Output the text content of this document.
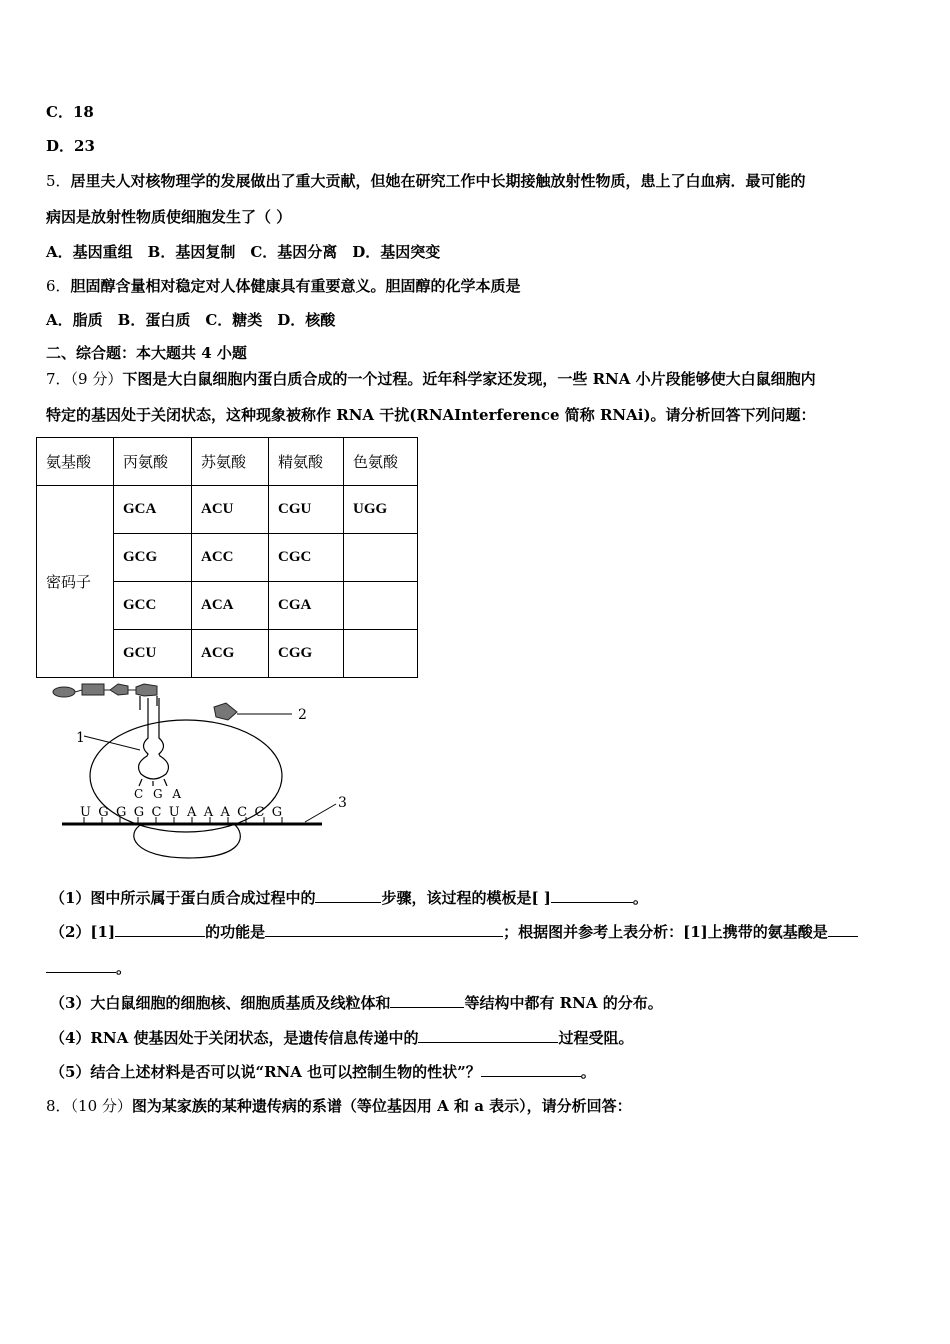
C．18
D．23
5．居里夫人对核物理学的发展做出了重大贡献，但她在研究工作中长期接触放射性物质，患上了白血病．最可能的
病因是放射性物质使细胞发生了（ ）
A．基因重组　B．基因复制　C．基因分离　D．基因突变
6．胆固醇含量相对稳定对人体健康具有重要意义。胆固醇的化学本质是
A．脂质　B．蛋白质　C．糖类　D．核酸
二、综合题：本大题共 4 小题
7．（9 分）下图是大白鼠细胞内蛋白质合成的一个过程。近年科学家还发现，一些 RNA 小片段能够使大白鼠细胞内
特定的基因处于关闭状态，这种现象被称作 RNA 干扰(RNAInterference 简称 RNAi)。请分析回答下列问题：
氨基酸	丙氨酸	苏氨酸	精氨酸	色氨酸
密码子	GCA	ACU	CGU	UGG
	GCG	ACC	CGC	
	GCC	ACA	CGA	
	GCU	ACG	CGG	
2
1
C G A
U G G G C U A A A C C G
3
（1）图中所示属于蛋白质合成过程中的	步骤，该过程的模板是[ ]	。
（2）[1]	的功能是	；根据图并参考上表分析：[1]上携带的氨基酸是
。
（3）大白鼠细胞的细胞核、细胞质基质及线粒体和	等结构中都有 RNA 的分布。
（4）RNA 使基因处于关闭状态，是遗传信息传递中的	过程受阻。
（5）结合上述材料是否可以说“RNA 也可以控制生物的性状”？	。
8．（10 分）图为某家族的某种遗传病的系谱（等位基因用 A 和 a 表示），请分析回答：
